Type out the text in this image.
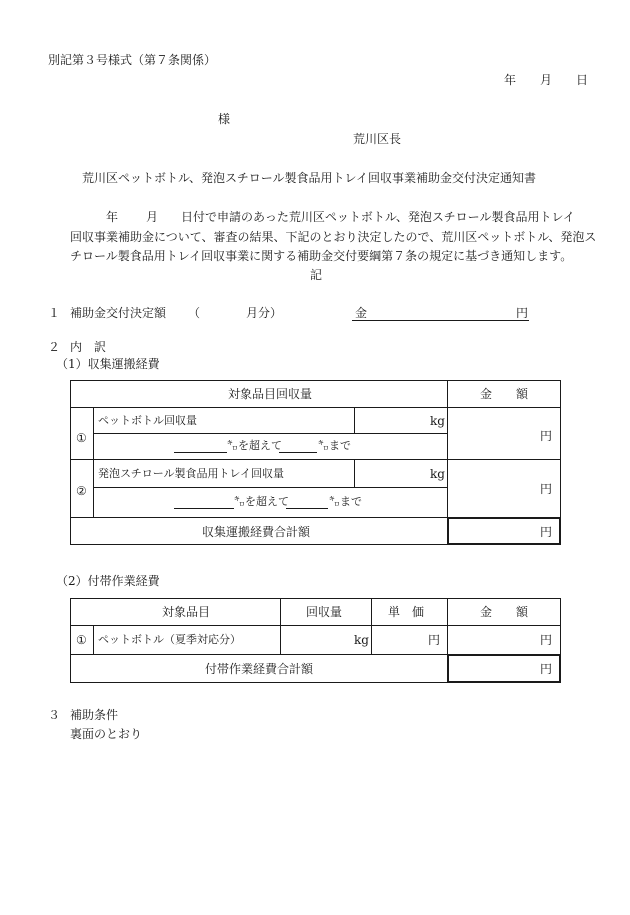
別記第３号様式（第７条関係）
年 月 日
様
荒川区長
荒川区ペットボトル、発泡スチロール製食品用トレイ回収事業補助金交付決定通知書
年 月 日付で申請のあった荒川区ペットボトル、発泡スチロール製食品用トレイ
回収事業補助金について、審査の結果、下記のとおり決定したので、荒川区ペットボトル、発泡ス
チロール製食品用トレイ回収事業に関する補助金交付要綱第７条の規定に基づき通知します。
記
１ 補助金交付決定額 （	月分）	金	円
２ 内　訳
（1）収集運搬経費
対象品目回収量	金　　額
①
ペットボトル回収量	kg
㌔を超えて	㌔まで
円
②
発泡スチロール製食品用トレイ回収量	kg
㌔を超えて	㌔まで
円
収集運搬経費合計額	円
（2）付帯作業経費
対象品目	回収量	単　価	金　　額
① ペットボトル（夏季対応分）	kg	円	円
付帯作業経費合計額	円
３ 補助条件
裏面のとおり
